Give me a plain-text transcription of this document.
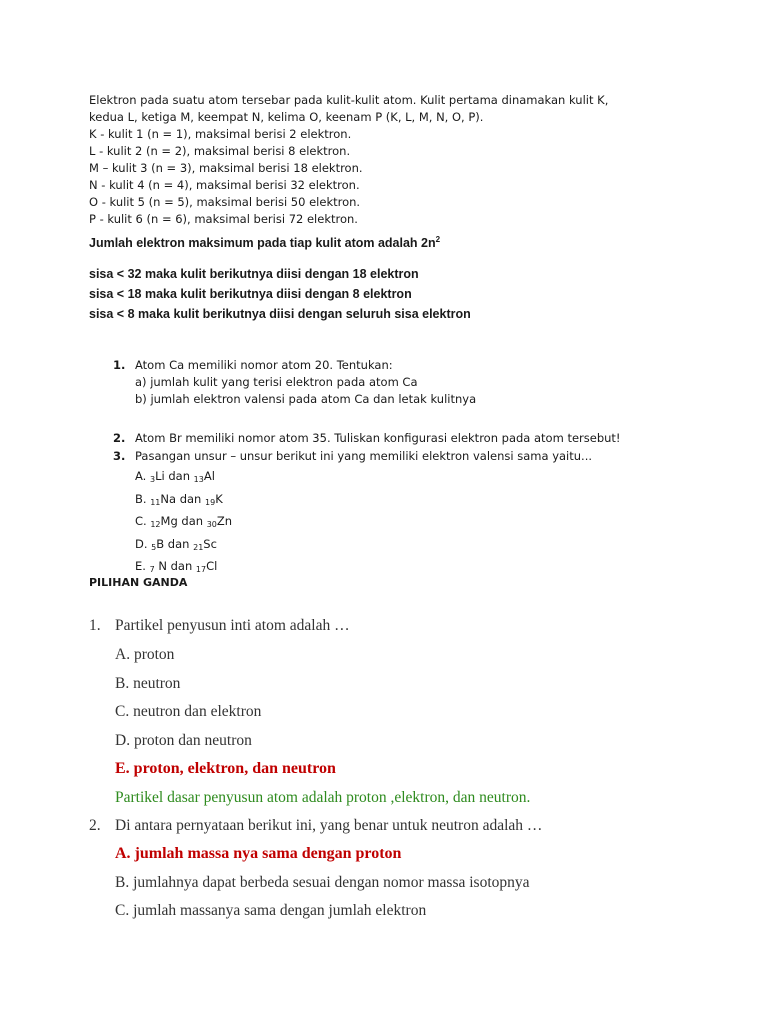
Elektron pada suatu atom tersebar pada kulit-kulit atom. Kulit pertama dinamakan kulit K,
kedua L, ketiga M, keempat N, kelima O, keenam P (K, L, M, N, O, P).
K - kulit 1 (n = 1), maksimal berisi 2 elektron.
L - kulit 2 (n = 2), maksimal berisi 8 elektron.
M – kulit 3 (n = 3), maksimal berisi 18 elektron.
N - kulit 4 (n = 4), maksimal berisi 32 elektron.
O - kulit 5 (n = 5), maksimal berisi 50 elektron.
P - kulit 6 (n = 6), maksimal berisi 72 elektron.
Jumlah elektron maksimum pada tiap kulit atom adalah $2n^2$
sisa < 32 maka kulit berikutnya diisi dengan 18 elektron
sisa < 18 maka kulit berikutnya diisi dengan 8 elektron
sisa < 8 maka kulit berikutnya diisi dengan seluruh sisa elektron
1. Atom Ca memiliki nomor atom 20. Tentukan:
a) jumlah kulit yang terisi elektron pada atom Ca
b) jumlah elektron valensi pada atom Ca dan letak kulitnya
2. Atom Br memiliki nomor atom 35. Tuliskan konfigurasi elektron pada atom tersebut!
3. Pasangan unsur – unsur berikut ini yang memiliki elektron valensi sama yaitu...
A. $_3$Li dan $_{13}$Al
B. $_{11}$Na dan $_{19}$K
C. $_{12}$Mg dan $_{30}$Zn
D. $_5$B dan $_{21}$Sc
E. $_7$ N dan $_{17}$Cl
PILIHAN GANDA
1. Partikel penyusun inti atom adalah …
A. proton
B. neutron
C. neutron dan elektron
D. proton dan neutron
E. proton, elektron, dan neutron
Partikel dasar penyusun atom adalah proton ,elektron, dan neutron.
2. Di antara pernyataan berikut ini, yang benar untuk neutron adalah …
A. jumlah massa nya sama dengan proton
B. jumlahnya dapat berbeda sesuai dengan nomor massa isotopnya
C. jumlah massanya sama dengan jumlah elektron
